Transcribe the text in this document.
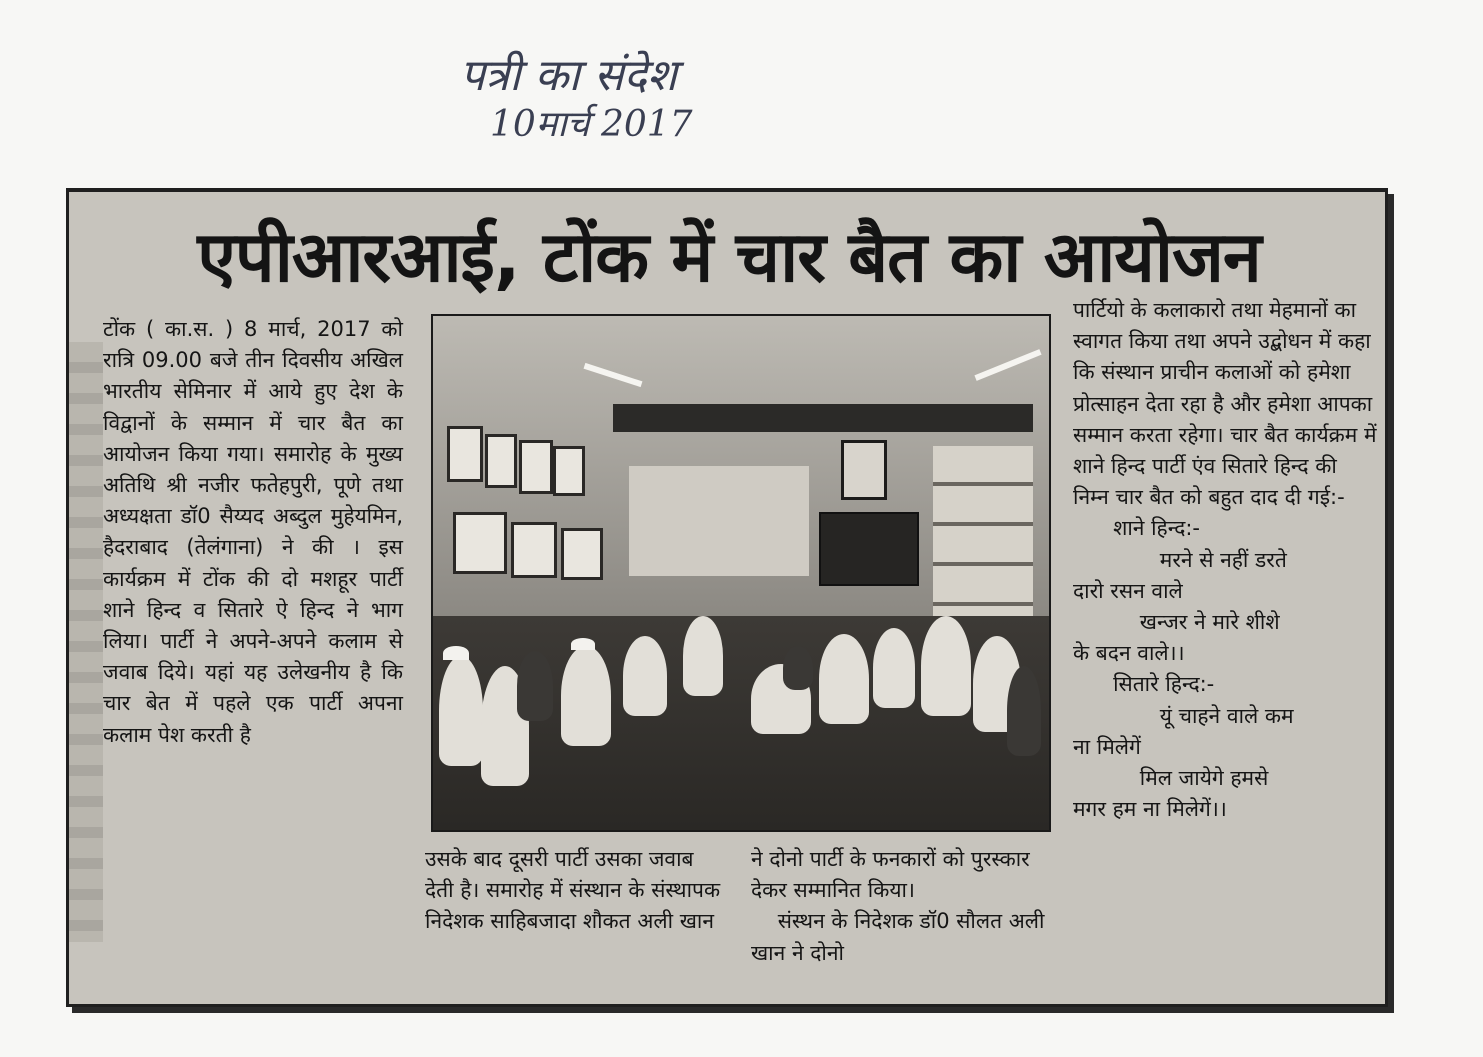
पत्री का संदेश
10मार्च 2017
एपीआरआई, टोंक में चार बैत का आयोजन
टोंक ( का.स. ) 8 मार्च, 2017 को रात्रि 09.00 बजे तीन दिवसीय अखिल भारतीय सेमिनार में आये हुए देश के विद्वानों के सम्मान में चार बैत का आयोजन किया गया। समारोह के मुख्य अतिथि श्री नजीर फतेहपुरी, पूणे तथा अध्यक्षता डॉ0 सैय्यद अब्दुल मुहेयमिन, हैदराबाद (तेलंगाना) ने की । इस कार्यक्रम में टोंक की दो मशहूर पार्टी शाने हिन्द व सितारे ऐ हिन्द ने भाग लिया। पार्टी ने अपने-अपने कलाम से जवाब दिये। यहां यह उलेखनीय है कि चार बेत में पहले एक पार्टी अपना कलाम पेश करती है
उसके बाद दूसरी पार्टी उसका जवाब देती है। समारोह में संस्थान के संस्थापक निदेशक साहिबजादा शौकत अली खान
ने दोनो पार्टी के फनकारों को पुरस्कार देकर सम्मानित किया।
संस्थन के निदेशक डॉ0 सौलत अली खान ने दोनो
पार्टियो के कलाकारो तथा मेहमानों का स्वागत किया तथा अपने उद्बोधन में कहा कि संस्थान प्राचीन कलाओं को हमेशा प्रोत्साहन देता रहा है और हमेशा आपका सम्मान करता रहेगा। चार बैत कार्यक्रम में शाने हिन्द पार्टी एंव सितारे हिन्द की निम्न चार बैत को बहुत दाद दी गई:-
शाने हिन्द:-
मरने से नहीं डरते
दारो रसन वाले
खन्जर ने मारे शीशे
के बदन वाले।।
सितारे हिन्द:-
यूं चाहने वाले कम
ना मिलेगें
मिल जायेगे हमसे
मगर हम ना मिलेगें।।
